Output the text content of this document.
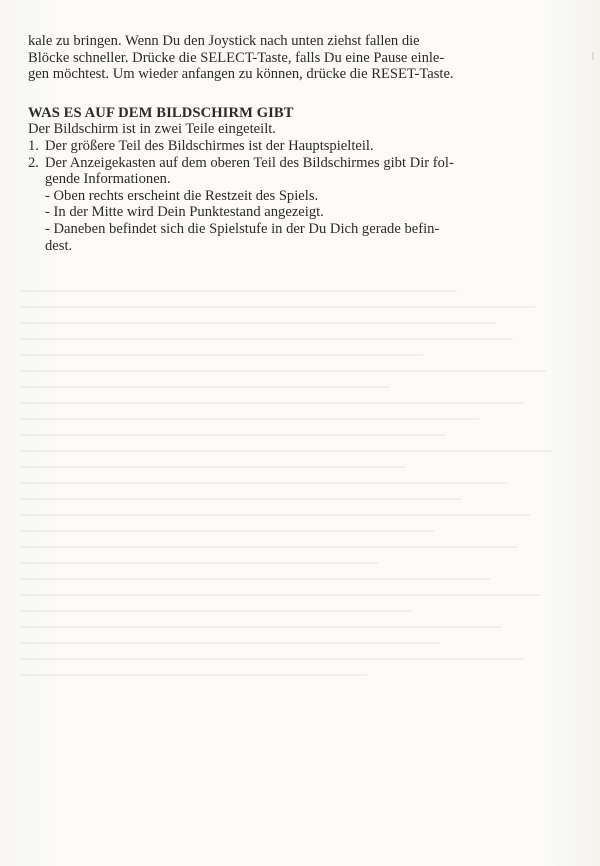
kale zu bringen. Wenn Du den Joystick nach unten ziehst fallen die
Blöcke schneller. Drücke die SELECT-Taste, falls Du eine Pause einle-
gen möchtest. Um wieder anfangen zu können, drücke die RESET-Taste.
WAS ES AUF DEM BILDSCHIRM GIBT
Der Bildschirm ist in zwei Teile eingeteilt.
1. Der größere Teil des Bildschirmes ist der Hauptspielteil.
2. Der Anzeigekasten auf dem oberen Teil des Bildschirmes gibt Dir fol-
gende Informationen.
- Oben rechts erscheint die Restzeit des Spiels.
- In der Mitte wird Dein Punktestand angezeigt.
- Daneben befindet sich die Spielstufe in der Du Dich gerade befin-
dest.
